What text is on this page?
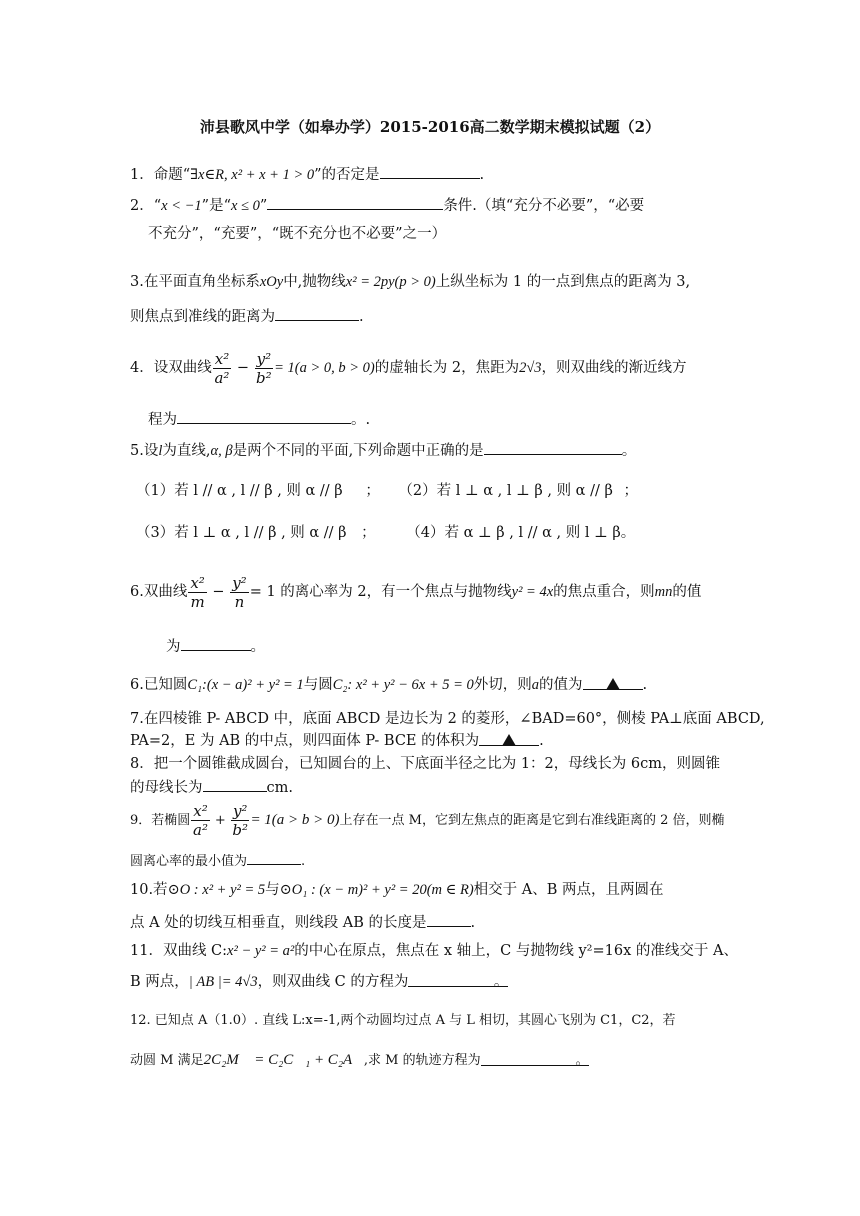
沛县歌风中学（如皋办学）2015-2016高二数学期末模拟试题（2）
1．命题“∃x∈R, x² + x + 1 > 0”的否定是	.
2．“x < −1”是“x ≤ 0”	条件.（填“充分不必要”，“必要
不充分”，“充要”，“既不充分也不必要”之一）
3.在平面直角坐标系xOy中,抛物线x² = 2py(p > 0)上纵坐标为 1 的一点到焦点的距离为 3,
则焦点到准线的距离为	.
4．设双曲线 $\frac{\text{x²}}{\text{a²}} - \frac{\text{y²}}{\text{b²}} = 1(a > 0$, b > 0)的虚轴长为 2，焦距为2√3，则双曲线的渐近线方
程为	。.
5.设l为直线,α, β是两个不同的平面,下列命题中正确的是	。
（1）若 l // α , l // β , 则 α // β ； （2）若 l ⊥ α , l ⊥ β , 则 α // β ；
（3）若 l ⊥ α , l // β , 则 α // β ； （4）若 α ⊥ β , l // α , 则 l ⊥ β。
6.双曲线 $\frac{\text{x²}}{m} - \frac{\text{y²}}{n} = 1$ 的离心率为 2，有一个焦点与抛物线y² = 4x的焦点重合，则mn的值
为	。
6.已知圆C₁:(x − a)² + y² = 1与圆C₂: x² + y² − 6x + 5 = 0外切，则a的值为	.
7.在四棱锥 P- ABCD 中，底面 ABCD 是边长为 2 的菱形，∠BAD=60°，侧棱 PA⊥底面 ABCD,
PA=2，E 为 AB 的中点，则四面体 P- BCE 的体积为	.
8．把一个圆锥截成圆台，已知圆台的上、下底面半径之比为 1：2，母线长为 6cm，则圆锥
的母线长为	cm.
9．若椭圆 $\frac{\text{x²}}{\text{a²}} + \frac{\text{y²}}{\text{b²}} = 1(a > b > 0)$上存在一点 M，它到左焦点的距离是它到右准线距离的 2 倍，则椭
圆离心率的最小值为	.
10.若⊙O : x² + y² = 5与⊙O₁ : (x − m)² + y² = 20(m ∈ R)相交于 A、B 两点，且两圆在
点 A 处的切线互相垂直，则线段 AB 的长度是	.
11．双曲线 C:x² − y² = a²的中心在原点，焦点在 x 轴上，C 与抛物线 y²=16x 的准线交于 A、
B 两点，| AB |= 4√3，则双曲线 C 的方程为	。
12. 已知点 A（1.0）. 直线 L:x=-1,两个动圆均过点 A 与 L 相切，其圆心飞别为 C1，C2，若
动圆 M 满足2C₂M⃗ = C₂C⃗₁ + C₂A⃗,求 M 的轨迹方程为	。
